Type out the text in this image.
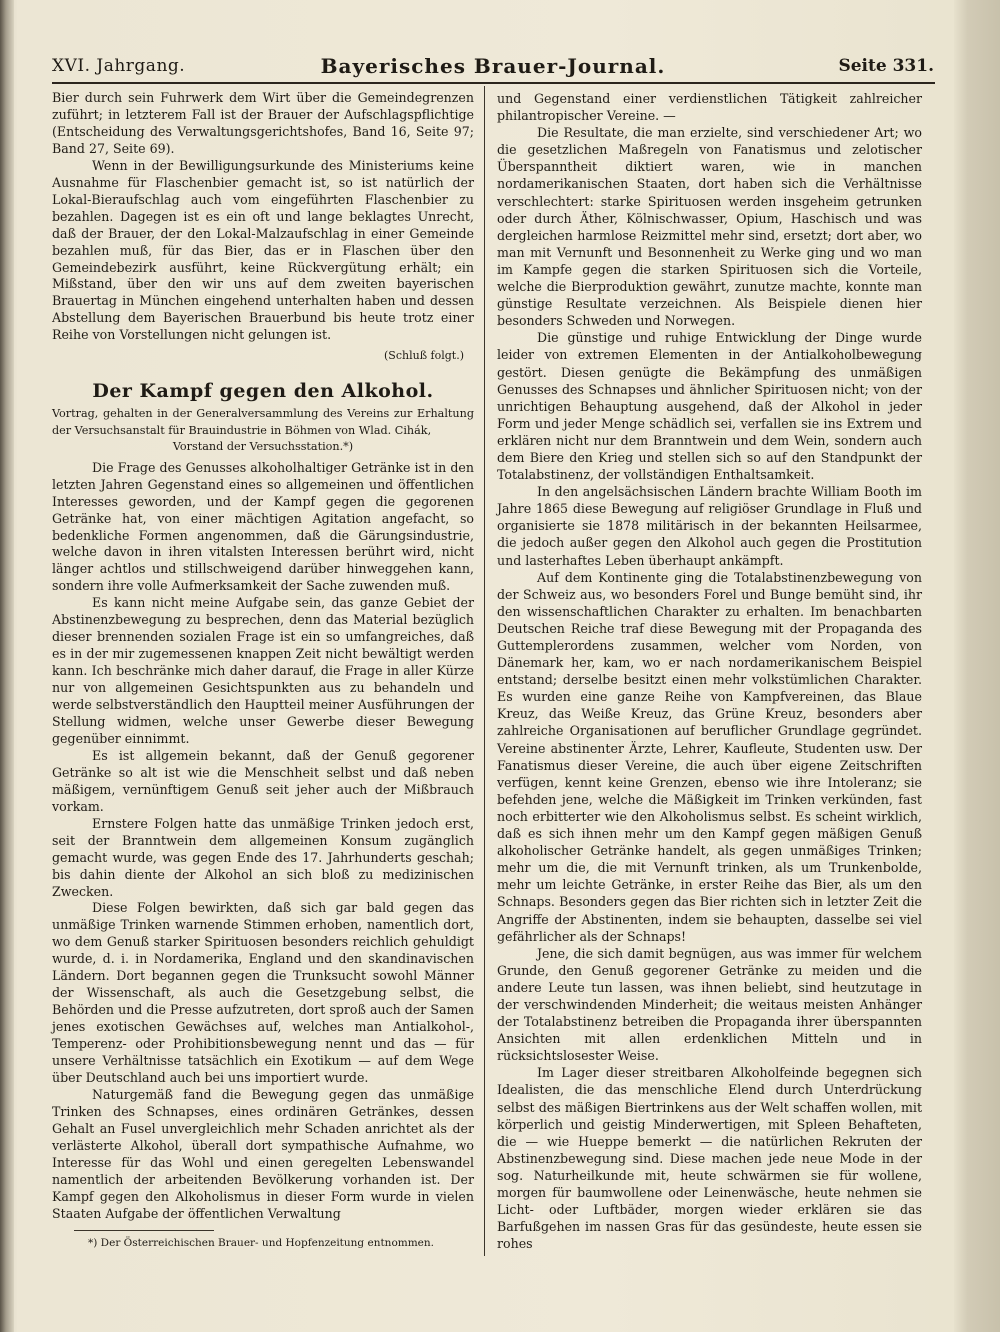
XVI. Jahrgang.	Bayerisches Brauer-Journal.	Seite 331.

Bier durch sein Fuhrwerk dem Wirt über die Gemeindegrenzen zuführt; in letzterem Fall ist der Brauer der Aufschlagspflichtige (Entscheidung des Verwaltungsgerichtshofes, Band 16, Seite 97; Band 27, Seite 69).

Wenn in der Bewilligungsurkunde des Ministeriums keine Ausnahme für Flaschenbier gemacht ist, so ist natürlich der Lokal-Bieraufschlag auch vom eingeführten Flaschenbier zu bezahlen. Dagegen ist es ein oft und lange beklagtes Unrecht, daß der Brauer, der den Lokal-Malzaufschlag in einer Gemeinde bezahlen muß, für das Bier, das er in Flaschen über den Gemeindebezirk ausführt, keine Rückvergütung erhält; ein Mißstand, über den wir uns auf dem zweiten bayerischen Brauertag in München eingehend unterhalten haben und dessen Abstellung dem Bayerischen Brauerbund bis heute trotz einer Reihe von Vorstellungen nicht gelungen ist.

(Schluß folgt.)
Der Kampf gegen den Alkohol.
Vortrag, gehalten in der Generalversammlung des Vereins zur Erhaltung der Versuchsanstalt für Brauindustrie in Böhmen von Wlad. Cihák,
Vorstand der Versuchsstation.*)

Die Frage des Genusses alkoholhaltiger Getränke ist in den letzten Jahren Gegenstand eines so allgemeinen und öffentlichen Interesses geworden, und der Kampf gegen die gegorenen Getränke hat, von einer mächtigen Agitation angefacht, so bedenkliche Formen angenommen, daß die Gärungsindustrie, welche davon in ihren vitalsten Interessen berührt wird, nicht länger achtlos und stillschweigend darüber hinweggehen kann, sondern ihre volle Aufmerksamkeit der Sache zuwenden muß.

Es kann nicht meine Aufgabe sein, das ganze Gebiet der Abstinenzbewegung zu besprechen, denn das Material bezüglich dieser brennenden sozialen Frage ist ein so umfangreiches, daß es in der mir zugemessenen knappen Zeit nicht bewältigt werden kann. Ich beschränke mich daher darauf, die Frage in aller Kürze nur von allgemeinen Gesichtspunkten aus zu behandeln und werde selbstverständlich den Hauptteil meiner Ausführungen der Stellung widmen, welche unser Gewerbe dieser Bewegung gegenüber einnimmt.

Es ist allgemein bekannt, daß der Genuß gegorener Getränke so alt ist wie die Menschheit selbst und daß neben mäßigem, vernünftigem Genuß seit jeher auch der Mißbrauch vorkam.

Ernstere Folgen hatte das unmäßige Trinken jedoch erst, seit der Branntwein dem allgemeinen Konsum zugänglich gemacht wurde, was gegen Ende des 17. Jahrhunderts geschah; bis dahin diente der Alkohol an sich bloß zu medizinischen Zwecken.

Diese Folgen bewirkten, daß sich gar bald gegen das unmäßige Trinken warnende Stimmen erhoben, namentlich dort, wo dem Genuß starker Spirituosen besonders reichlich gehuldigt wurde, d. i. in Nordamerika, England und den skandinavischen Ländern. Dort begannen gegen die Trunksucht sowohl Männer der Wissenschaft, als auch die Gesetzgebung selbst, die Behörden und die Presse aufzutreten, dort sproß auch der Samen jenes exotischen Gewächses auf, welches man Antialkohol-, Temperenz- oder Prohibitionsbewegung nennt und das — für unsere Verhältnisse tatsächlich ein Exotikum — auf dem Wege über Deutschland auch bei uns importiert wurde.

Naturgemäß fand die Bewegung gegen das unmäßige Trinken des Schnapses, eines ordinären Getränkes, dessen Gehalt an Fusel unvergleichlich mehr Schaden anrichtet als der verlästerte Alkohol, überall dort sympathische Aufnahme, wo Interesse für das Wohl und einen geregelten Lebenswandel namentlich der arbeitenden Bevölkerung vorhanden ist. Der Kampf gegen den Alkoholismus in dieser Form wurde in vielen Staaten Aufgabe der öffentlichen Verwaltung

*) Der Österreichischen Brauer- und Hopfenzeitung entnommen.

und Gegenstand einer verdienstlichen Tätigkeit zahlreicher philantropischer Vereine. —

Die Resultate, die man erzielte, sind verschiedener Art; wo die gesetzlichen Maßregeln von Fanatismus und zelotischer Überspanntheit diktiert waren, wie in manchen nordamerikanischen Staaten, dort haben sich die Verhältnisse verschlechtert: starke Spirituosen werden insgeheim getrunken oder durch Äther, Kölnischwasser, Opium, Haschisch und was dergleichen harmlose Reizmittel mehr sind, ersetzt; dort aber, wo man mit Vernunft und Besonnenheit zu Werke ging und wo man im Kampfe gegen die starken Spirituosen sich die Vorteile, welche die Bierproduktion gewährt, zunutze machte, konnte man günstige Resultate verzeichnen. Als Beispiele dienen hier besonders Schweden und Norwegen.

Die günstige und ruhige Entwicklung der Dinge wurde leider von extremen Elementen in der Antialkoholbewegung gestört. Diesen genügte die Bekämpfung des unmäßigen Genusses des Schnapses und ähnlicher Spirituosen nicht; von der unrichtigen Behauptung ausgehend, daß der Alkohol in jeder Form und jeder Menge schädlich sei, verfallen sie ins Extrem und erklären nicht nur dem Branntwein und dem Wein, sondern auch dem Biere den Krieg und stellen sich so auf den Standpunkt der Totalabstinenz, der vollständigen Enthaltsamkeit.

In den angelsächsischen Ländern brachte William Booth im Jahre 1865 diese Bewegung auf religiöser Grundlage in Fluß und organisierte sie 1878 militärisch in der bekannten Heilsarmee, die jedoch außer gegen den Alkohol auch gegen die Prostitution und lasterhaftes Leben überhaupt ankämpft.

Auf dem Kontinente ging die Totalabstinenzbewegung von der Schweiz aus, wo besonders Forel und Bunge bemüht sind, ihr den wissenschaftlichen Charakter zu erhalten. Im benachbarten Deutschen Reiche traf diese Bewegung mit der Propaganda des Guttemplerordens zusammen, welcher vom Norden, von Dänemark her, kam, wo er nach nordamerikanischem Beispiel entstand; derselbe besitzt einen mehr volkstümlichen Charakter. Es wurden eine ganze Reihe von Kampfvereinen, das Blaue Kreuz, das Weiße Kreuz, das Grüne Kreuz, besonders aber zahlreiche Organisationen auf beruflicher Grundlage gegründet. Vereine abstinenter Ärzte, Lehrer, Kaufleute, Studenten usw. Der Fanatismus dieser Vereine, die auch über eigene Zeitschriften verfügen, kennt keine Grenzen, ebenso wie ihre Intoleranz; sie befehden jene, welche die Mäßigkeit im Trinken verkünden, fast noch erbitterter wie den Alkoholismus selbst. Es scheint wirklich, daß es sich ihnen mehr um den Kampf gegen mäßigen Genuß alkoholischer Getränke handelt, als gegen unmäßiges Trinken; mehr um die, die mit Vernunft trinken, als um Trunkenbolde, mehr um leichte Getränke, in erster Reihe das Bier, als um den Schnaps. Besonders gegen das Bier richten sich in letzter Zeit die Angriffe der Abstinenten, indem sie behaupten, dasselbe sei viel gefährlicher als der Schnaps!

Jene, die sich damit begnügen, aus was immer für welchem Grunde, den Genuß gegorener Getränke zu meiden und die andere Leute tun lassen, was ihnen beliebt, sind heutzutage in der verschwindenden Minderheit; die weitaus meisten Anhänger der Totalabstinenz betreiben die Propaganda ihrer überspannten Ansichten mit allen erdenklichen Mitteln und in rücksichtslosester Weise.

Im Lager dieser streitbaren Alkoholfeinde begegnen sich Idealisten, die das menschliche Elend durch Unterdrückung selbst des mäßigen Biertrinkens aus der Welt schaffen wollen, mit körperlich und geistig Minderwertigen, mit Spleen Behafteten, die — wie Hueppe bemerkt — die natürlichen Rekruten der Abstinenzbewegung sind. Diese machen jede neue Mode in der sog. Naturheilkunde mit, heute schwärmen sie für wollene, morgen für baumwollene oder Leinenwäsche, heute nehmen sie Licht- oder Luftbäder, morgen wieder erklären sie das Barfußgehen im nassen Gras für das gesündeste, heute essen sie rohes
